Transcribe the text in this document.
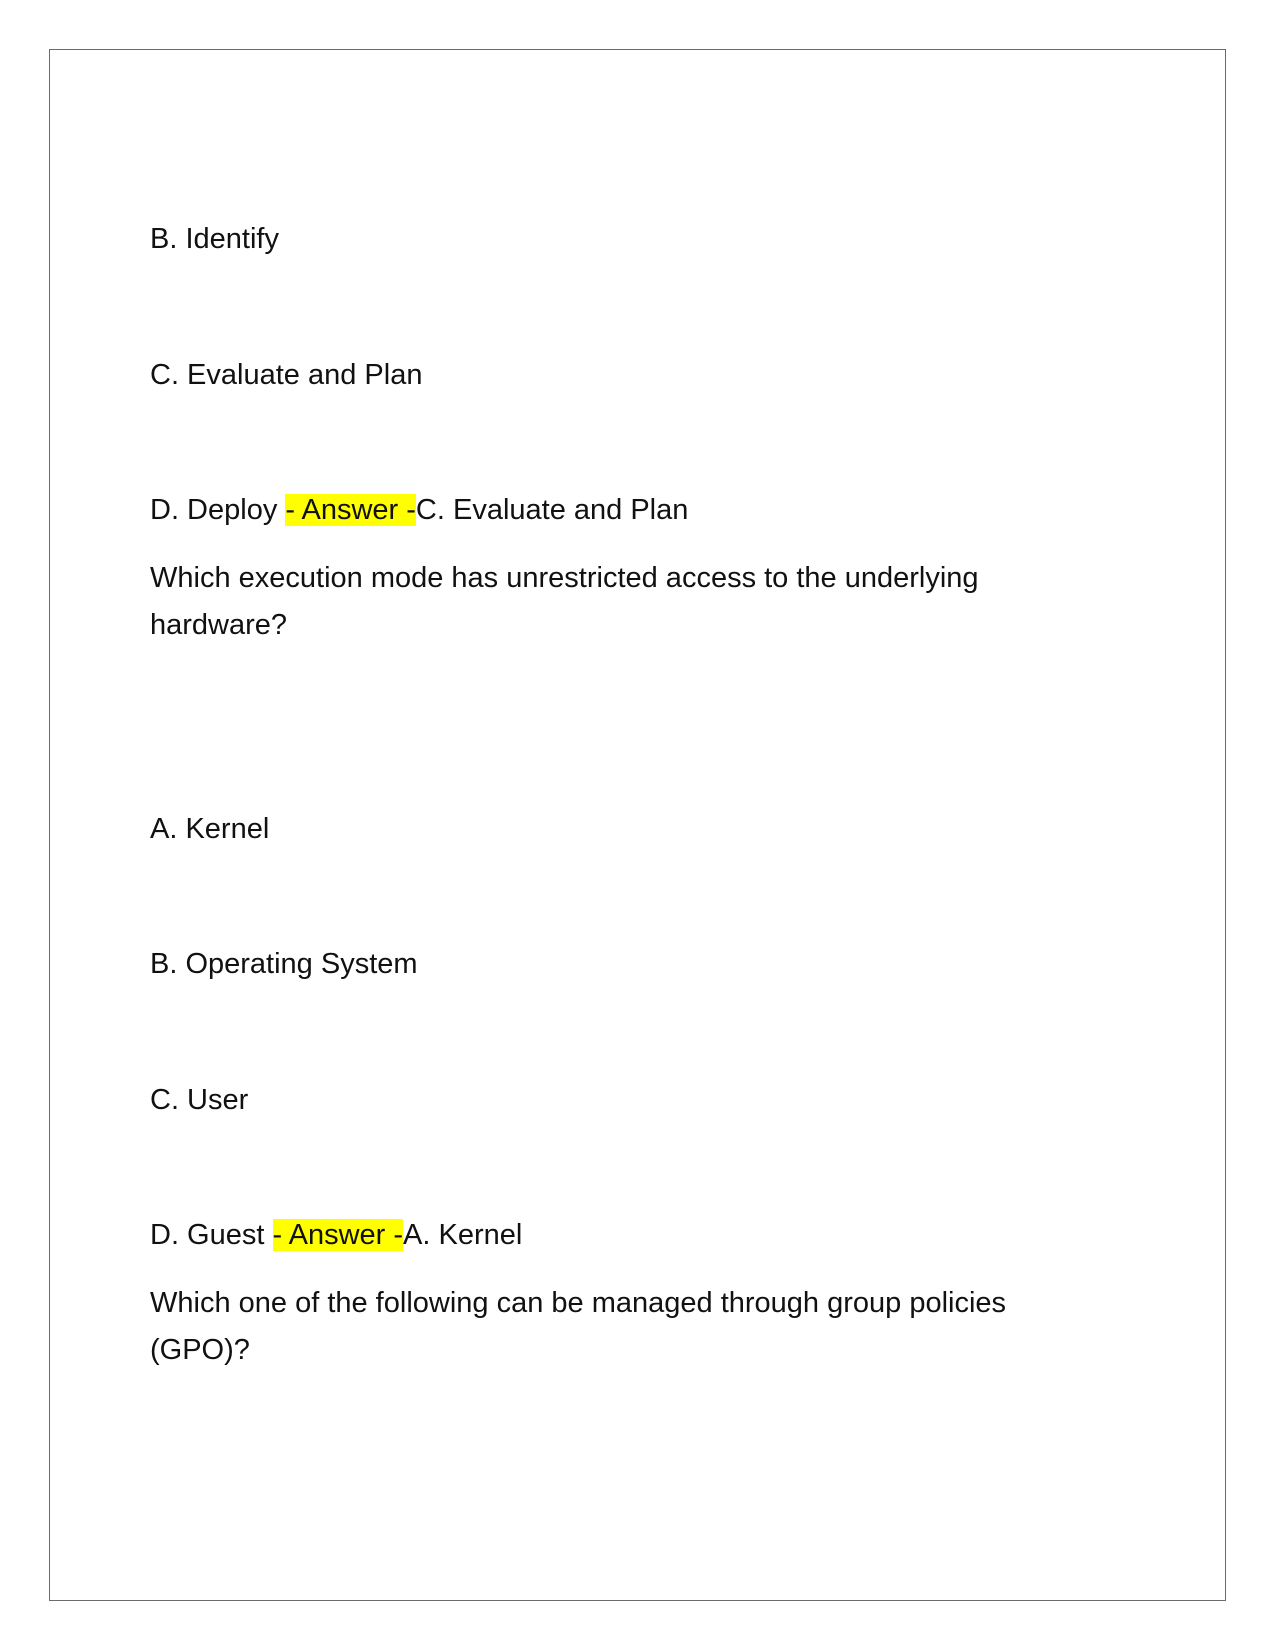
B. Identify
C. Evaluate and Plan
D. Deploy - Answer -C. Evaluate and Plan
Which execution mode has unrestricted access to the underlying hardware?
A. Kernel
B. Operating System
C. User
D. Guest - Answer -A. Kernel
Which one of the following can be managed through group policies (GPO)?
